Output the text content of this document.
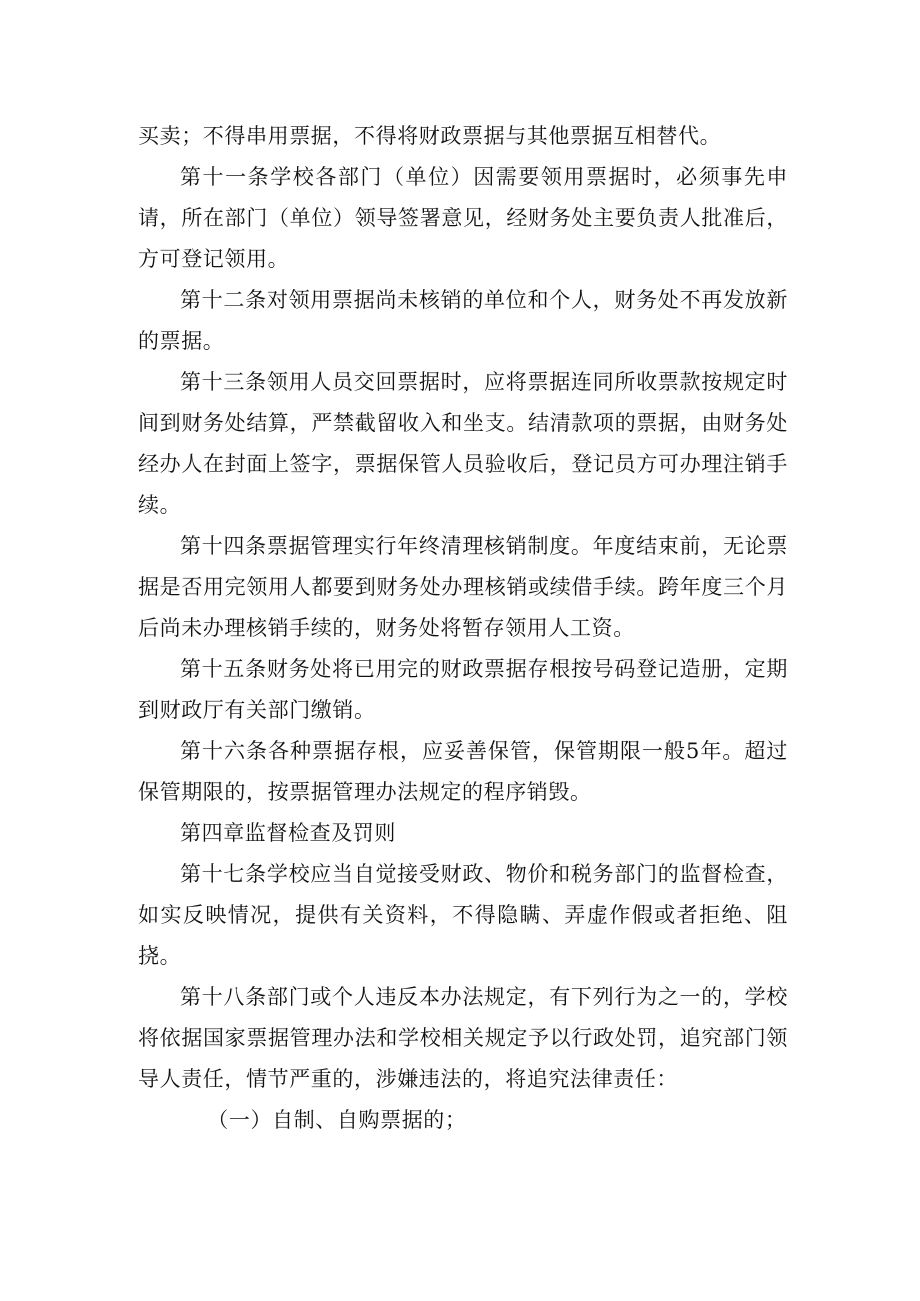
买卖；不得串用票据，不得将财政票据与其他票据互相替代。

第十一条学校各部门（单位）因需要领用票据时，必须事先申请，所在部门（单位）领导签署意见，经财务处主要负责人批准后，方可登记领用。

第十二条对领用票据尚未核销的单位和个人，财务处不再发放新的票据。

第十三条领用人员交回票据时，应将票据连同所收票款按规定时间到财务处结算，严禁截留收入和坐支。结清款项的票据，由财务处经办人在封面上签字，票据保管人员验收后，登记员方可办理注销手续。

第十四条票据管理实行年终清理核销制度。年度结束前，无论票据是否用完领用人都要到财务处办理核销或续借手续。跨年度三个月后尚未办理核销手续的，财务处将暂存领用人工资。

第十五条财务处将已用完的财政票据存根按号码登记造册，定期到财政厅有关部门缴销。

第十六条各种票据存根，应妥善保管，保管期限一般5年。超过保管期限的，按票据管理办法规定的程序销毁。

第四章监督检查及罚则

第十七条学校应当自觉接受财政、物价和税务部门的监督检查，如实反映情况，提供有关资料，不得隐瞒、弄虚作假或者拒绝、阻挠。

第十八条部门或个人违反本办法规定，有下列行为之一的，学校将依据国家票据管理办法和学校相关规定予以行政处罚，追究部门领导人责任，情节严重的，涉嫌违法的，将追究法律责任：

（一）自制、自购票据的；
